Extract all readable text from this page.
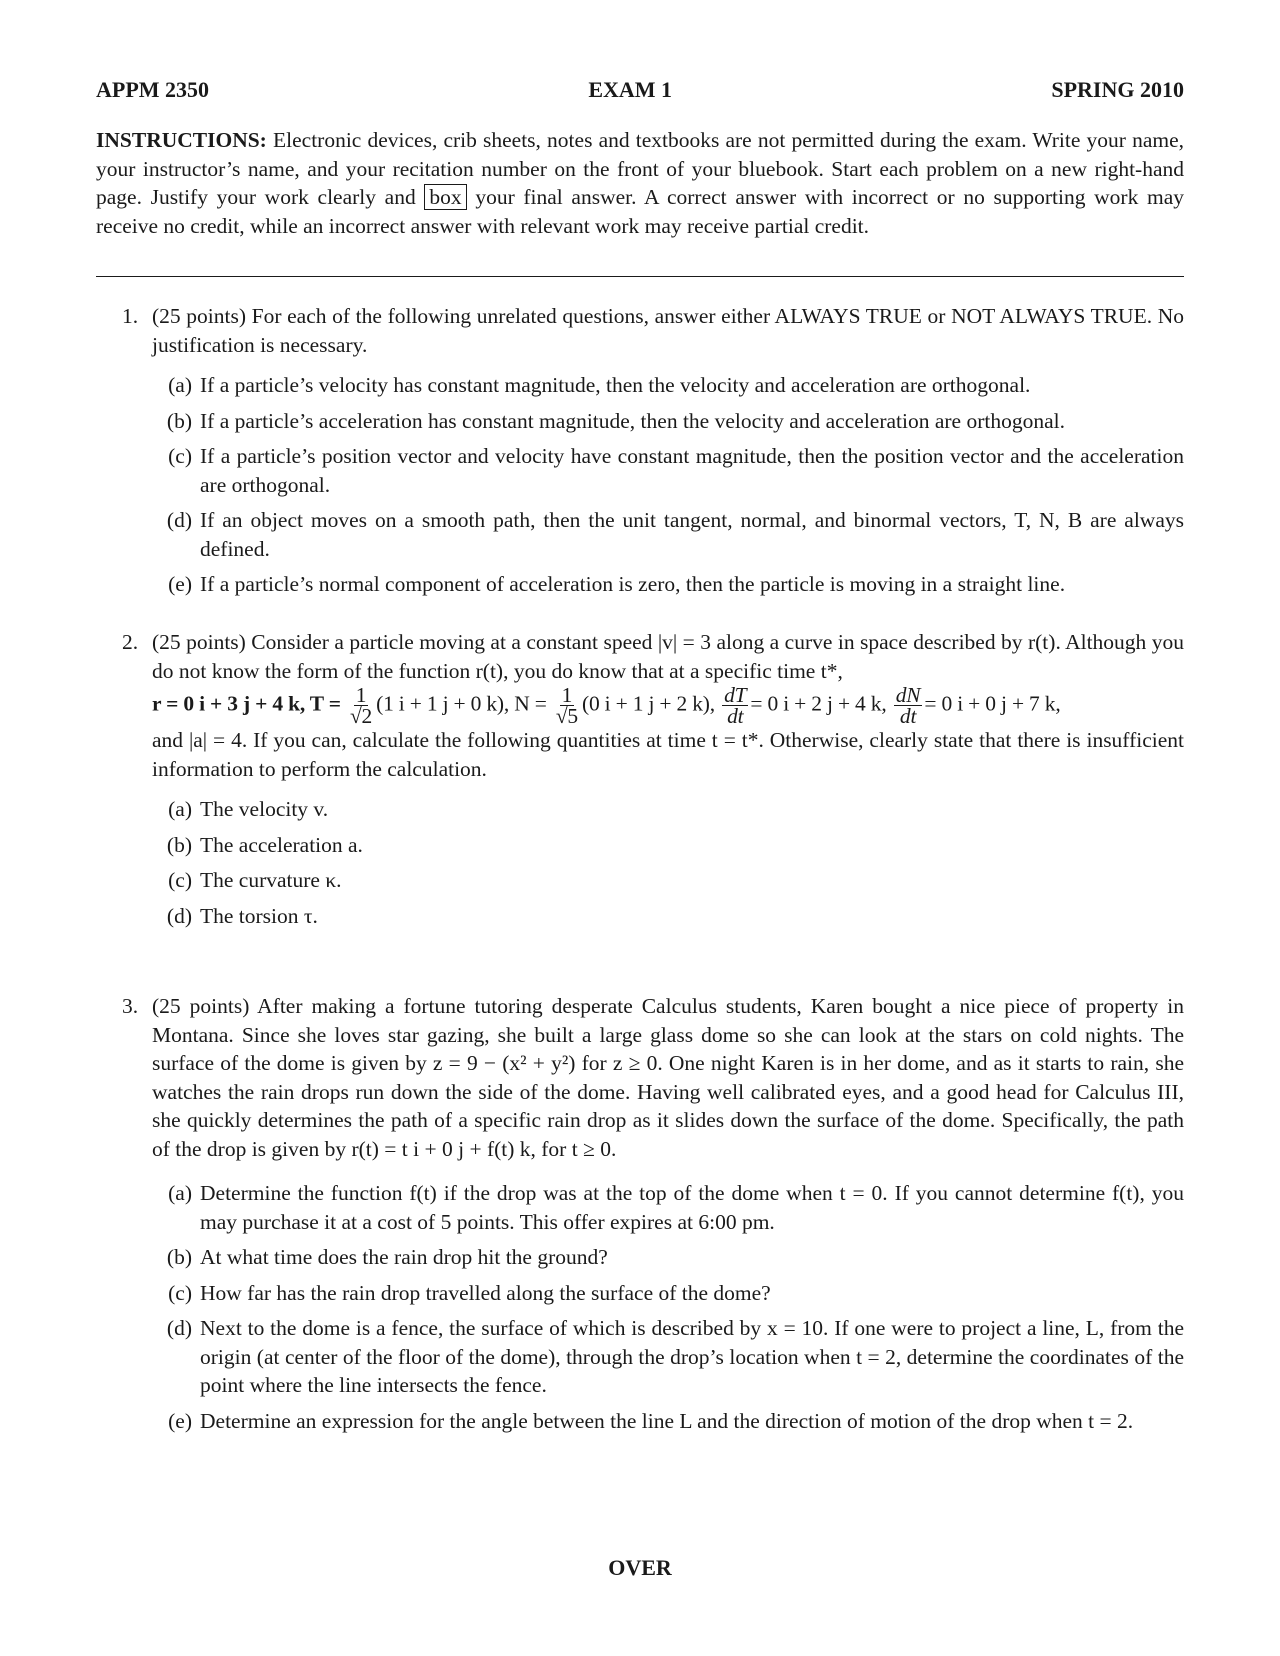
APPM 2350	EXAM 1	SPRING 2010
INSTRUCTIONS: Electronic devices, crib sheets, notes and textbooks are not permitted during the exam. Write your name, your instructor’s name, and your recitation number on the front of your bluebook. Start each problem on a new right-hand page. Justify your work clearly and box your final answer. A correct answer with incorrect or no supporting work may receive no credit, while an incorrect answer with relevant work may receive partial credit.
1. (25 points) For each of the following unrelated questions, answer either ALWAYS TRUE or NOT ALWAYS TRUE. No justification is necessary.
(a) If a particle’s velocity has constant magnitude, then the velocity and acceleration are orthogonal.
(b) If a particle’s acceleration has constant magnitude, then the velocity and acceleration are orthogonal.
(c) If a particle’s position vector and velocity have constant magnitude, then the position vector and the acceleration are orthogonal.
(d) If an object moves on a smooth path, then the unit tangent, normal, and binormal vectors, T, N, B are always defined.
(e) If a particle’s normal component of acceleration is zero, then the particle is moving in a straight line.
2. (25 points) Consider a particle moving at a constant speed |v| = 3 along a curve in space described by r(t). Although you do not know the form of the function r(t), you do know that at a specific time t*,
r = 0 i + 3 j + 4 k, $T = \frac{1}{√2} (1$ i + 1 j + 0 k), $N = \frac{1}{√5} (0$ i + 1 j + 2 k), $\frac{dT}{dt} = 0$ i + 2 j + 4 k, $\frac{dN}{dt} = 0$ i + 0 j + 7 k,
and |a| = 4. If you can, calculate the following quantities at time t = t*. Otherwise, clearly state that there is insufficient information to perform the calculation.
(a) The velocity v.
(b) The acceleration a.
(c) The curvature κ.
(d) The torsion τ.
3. (25 points) After making a fortune tutoring desperate Calculus students, Karen bought a nice piece of property in Montana. Since she loves star gazing, she built a large glass dome so she can look at the stars on cold nights. The surface of the dome is given by z = 9 − (x² + y²) for z ≥ 0. One night Karen is in her dome, and as it starts to rain, she watches the rain drops run down the side of the dome. Having well calibrated eyes, and a good head for Calculus III, she quickly determines the path of a specific rain drop as it slides down the surface of the dome. Specifically, the path of the drop is given by r(t) = t i + 0 j + f(t) k, for t ≥ 0.
(a) Determine the function f(t) if the drop was at the top of the dome when t = 0. If you cannot determine f(t), you may purchase it at a cost of 5 points. This offer expires at 6:00 pm.
(b) At what time does the rain drop hit the ground?
(c) How far has the rain drop travelled along the surface of the dome?
(d) Next to the dome is a fence, the surface of which is described by x = 10. If one were to project a line, L, from the origin (at center of the floor of the dome), through the drop’s location when t = 2, determine the coordinates of the point where the line intersects the fence.
(e) Determine an expression for the angle between the line L and the direction of motion of the drop when t = 2.
OVER
